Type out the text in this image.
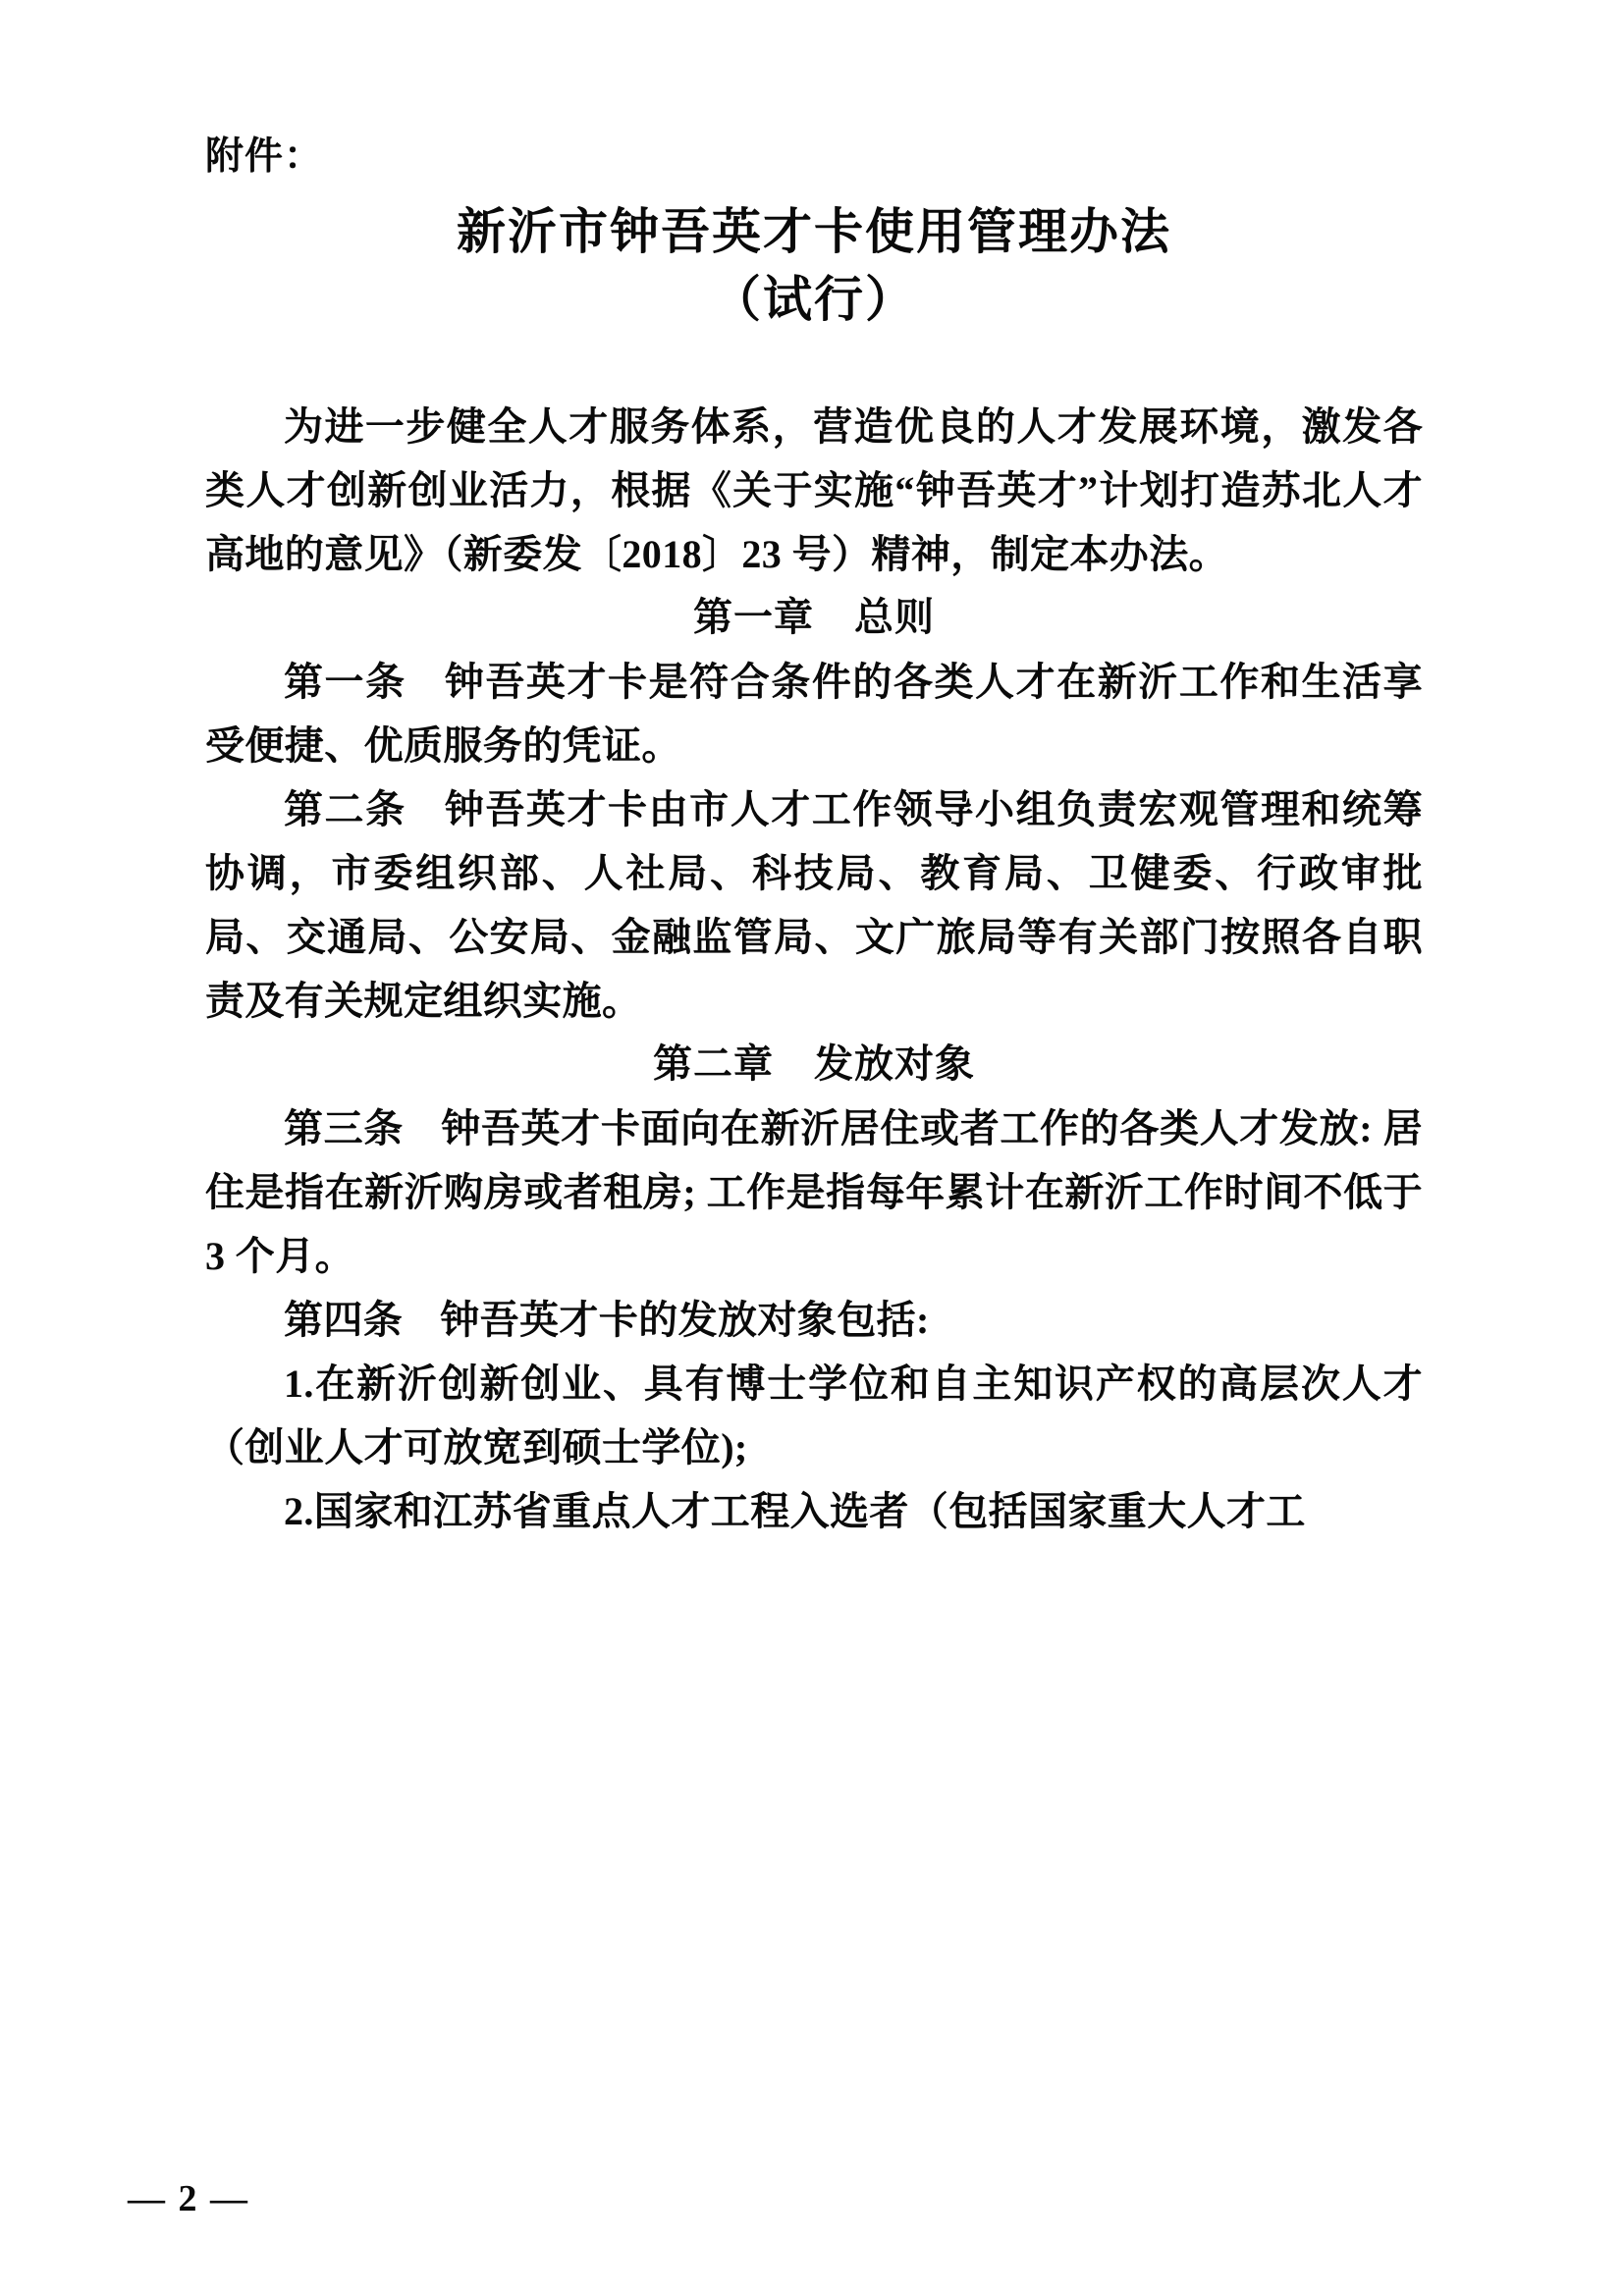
附件：
新沂市钟吾英才卡使用管理办法
（试行）

为进一步健全人才服务体系，营造优良的人才发展环境，激发各类人才创新创业活力，根据《关于实施“钟吾英才”计划打造苏北人才高地的意见》（新委发〔2018〕23 号）精神，制定本办法。

第一章　总则

第一条 钟吾英才卡是符合条件的各类人才在新沂工作和生活享受便捷、优质服务的凭证。

第二条 钟吾英才卡由市人才工作领导小组负责宏观管理和统筹协调，市委组织部、人社局、科技局、教育局、卫健委、行政审批局、交通局、公安局、金融监管局、文广旅局等有关部门按照各自职责及有关规定组织实施。

第二章　发放对象

第三条 钟吾英才卡面向在新沂居住或者工作的各类人才发放: 居住是指在新沂购房或者租房; 工作是指每年累计在新沂工作时间不低于 3 个月。

第四条 钟吾英才卡的发放对象包括:

1.在新沂创新创业、具有博士学位和自主知识产权的高层次人才（创业人才可放宽到硕士学位);

2.国家和江苏省重点人才工程入选者（包括国家重大人才工

— 2 —
